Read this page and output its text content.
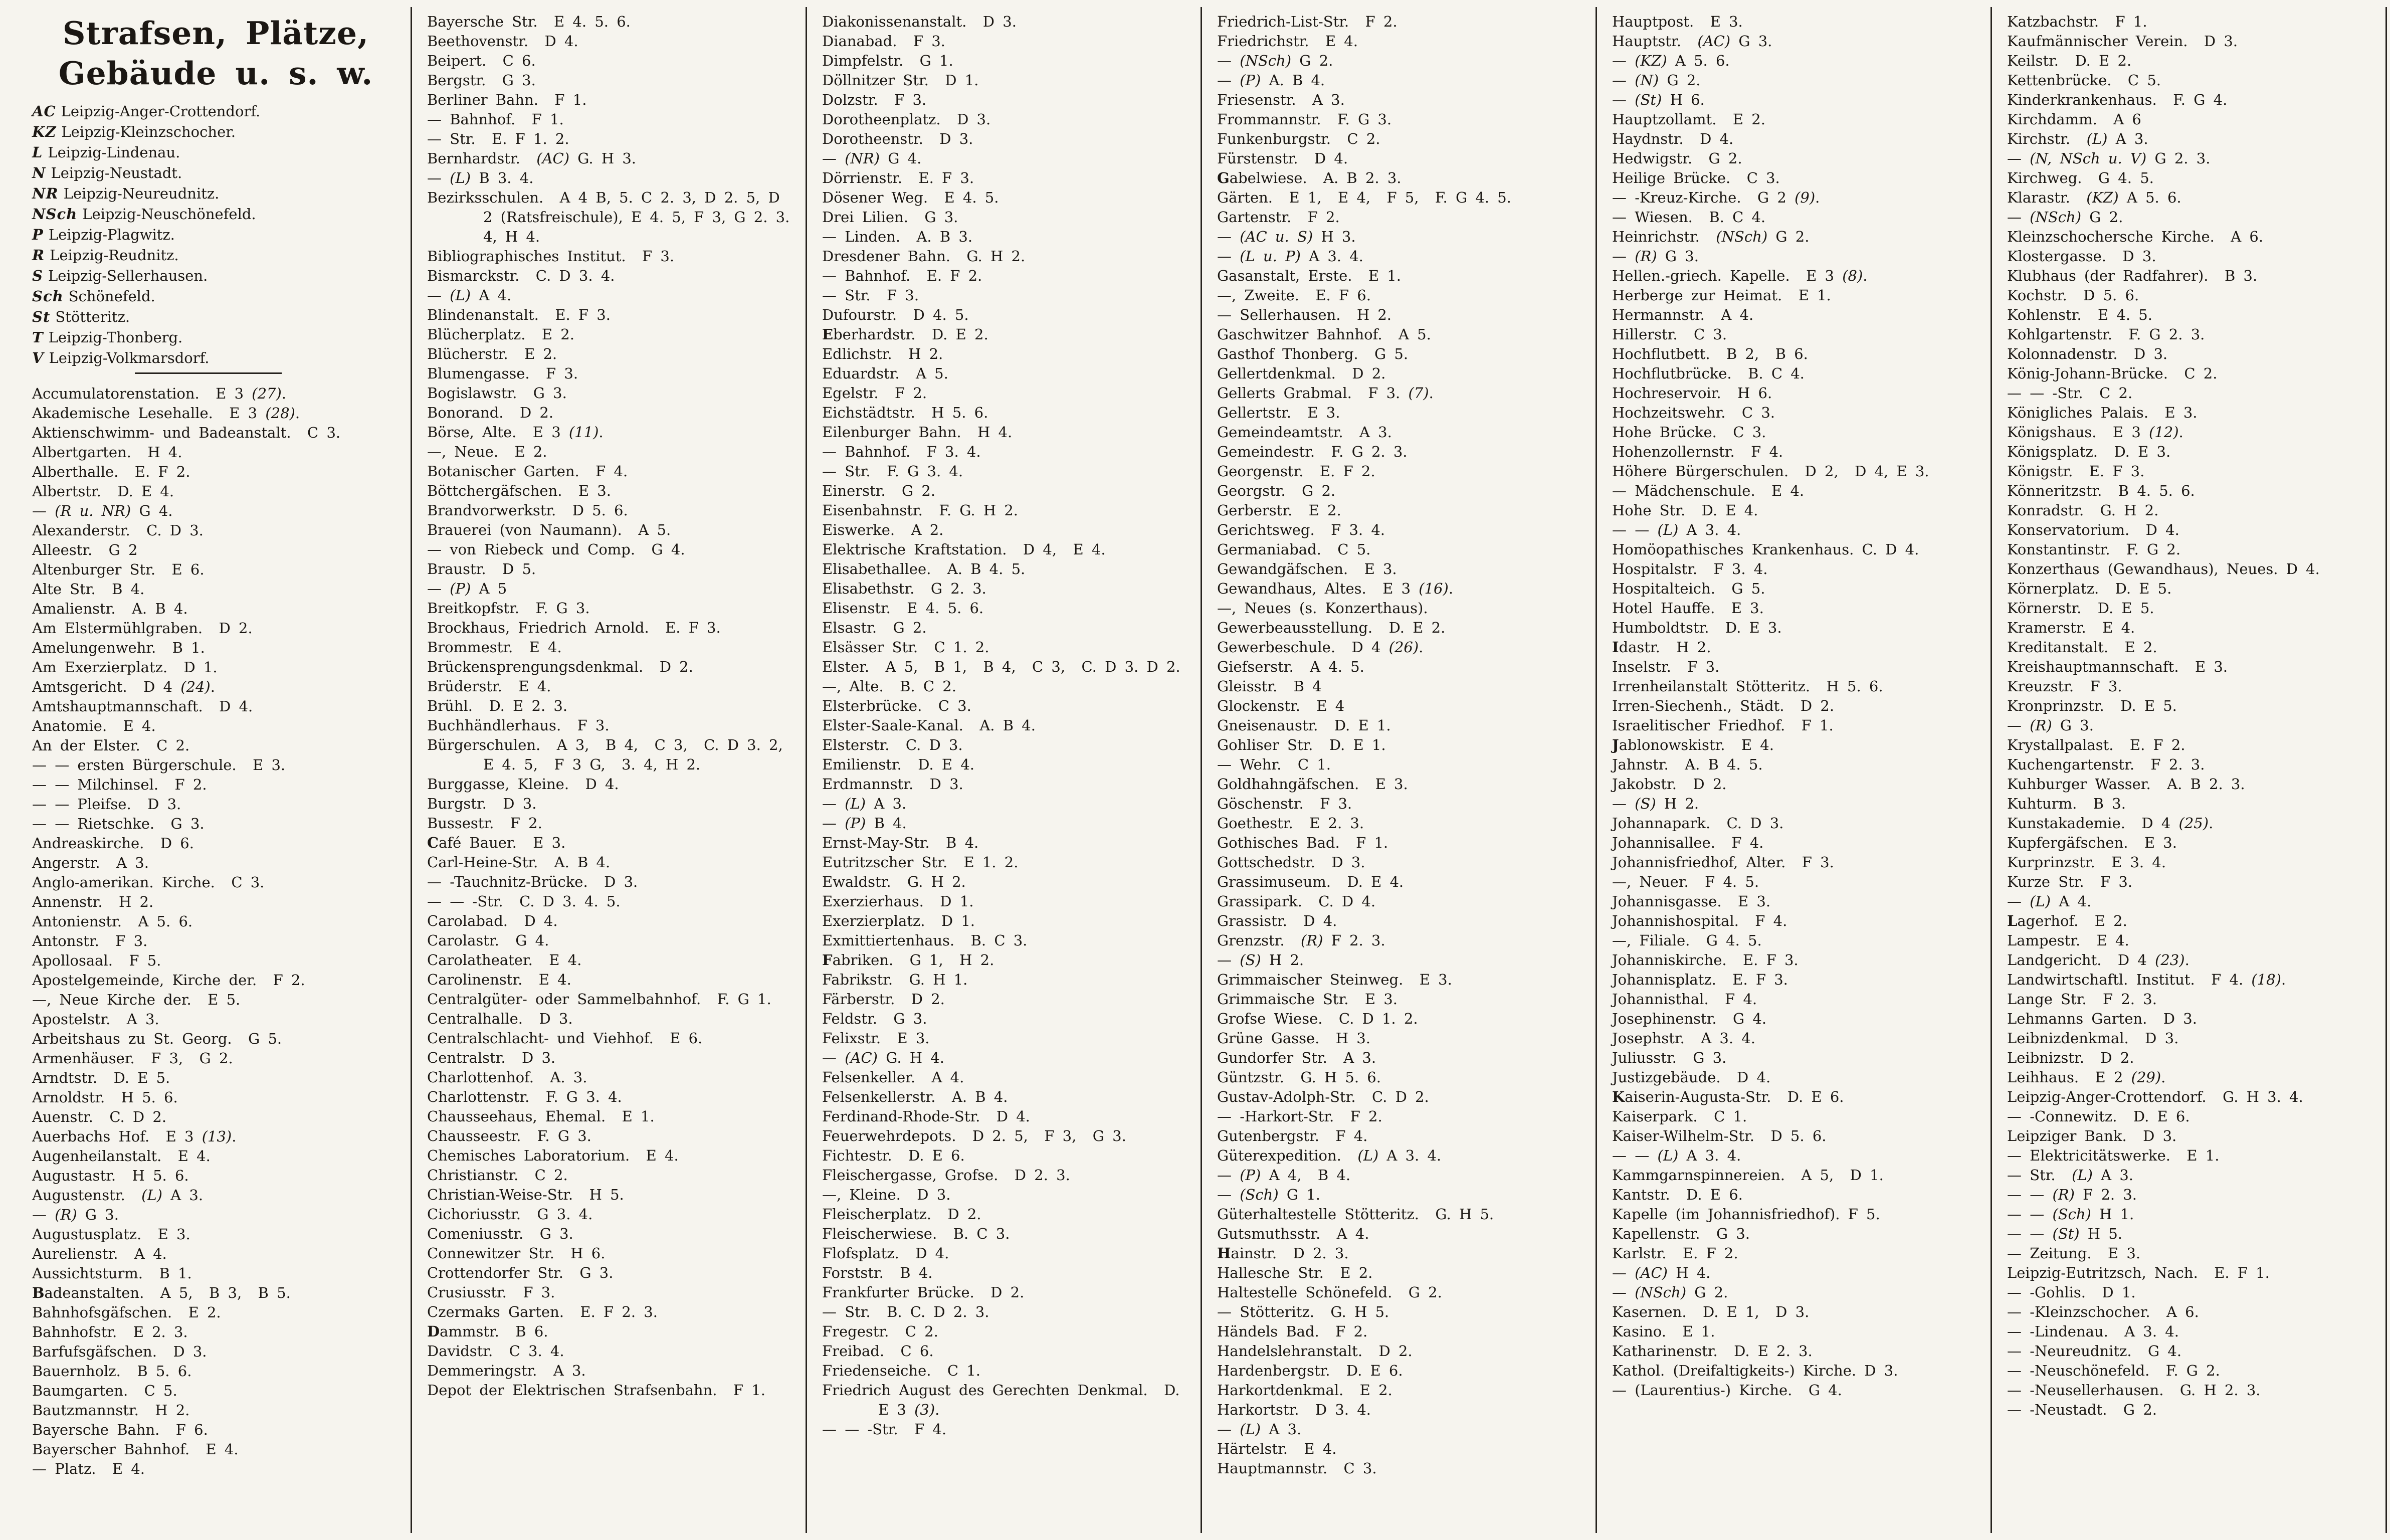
Strafsen, Plätze,
Gebäude u. s. w.
AC Leipzig-Anger-Crottendorf.
KZ Leipzig-Kleinzschocher.
L Leipzig-Lindenau.
N Leipzig-Neustadt.
NR Leipzig-Neureudnitz.
NSch Leipzig-Neuschönefeld.
P Leipzig-Plagwitz.
R Leipzig-Reudnitz.
S Leipzig-Sellerhausen.
Sch Schönefeld.
St Stötteritz.
T Leipzig-Thonberg.
V Leipzig-Volkmarsdorf.
Accumulatorenstation.  E 3 (27).
Akademische Lesehalle.  E 3 (28).
Aktienschwimm- und Badeanstalt.  C 3.
Albertgarten.  H 4.
Alberthalle.  E. F 2.
Albertstr.  D. E 4.
— (R u. NR) G 4.
Alexanderstr.  C. D 3.
Alleestr.  G 2
Altenburger Str.  E 6.
Alte Str.  B 4.
Amalienstr.  A. B 4.
Am Elstermühlgraben.  D 2.
Amelungenwehr.  B 1.
Am Exerzierplatz.  D 1.
Amtsgericht.  D 4 (24).
Amtshauptmannschaft.  D 4.
Anatomie.  E 4.
An der Elster.  C 2.
— — ersten Bürgerschule.  E 3.
— — Milchinsel.  F 2.
— — Pleifse.  D 3.
— — Rietschke.  G 3.
Andreaskirche.  D 6.
Angerstr.  A 3.
Anglo-amerikan. Kirche.  C 3.
Annenstr.  H 2.
Antonienstr.  A 5. 6.
Antonstr.  F 3.
Apollosaal.  F 5.
Apostelgemeinde, Kirche der.  F 2.
—, Neue Kirche der.  E 5.
Apostelstr.  A 3.
Arbeitshaus zu St. Georg.  G 5.
Armenhäuser.  F 3,  G 2.
Arndtstr.  D. E 5.
Arnoldstr.  H 5. 6.
Auenstr.  C. D 2.
Auerbachs Hof.  E 3 (13).
Augenheilanstalt.  E 4.
Augustastr.  H 5. 6.
Augustenstr.  (L) A 3.
— (R) G 3.
Augustusplatz.  E 3.
Aurelienstr.  A 4.
Aussichtsturm.  B 1.
Badeanstalten.  A 5,  B 3,  B 5.
Bahnhofsgäfschen.  E 2.
Bahnhofstr.  E 2. 3.
Barfufsgäfschen.  D 3.
Bauernholz.  B 5. 6.
Baumgarten.  C 5.
Bautzmannstr.  H 2.
Bayersche Bahn.  F 6.
Bayerscher Bahnhof.  E 4.
— Platz.  E 4.
Bayersche Str.  E 4. 5. 6.
Beethovenstr.  D 4.
Beipert.  C 6.
Bergstr.  G 3.
Berliner Bahn.  F 1.
— Bahnhof.  F 1.
— Str.  E. F 1. 2.
Bernhardstr.  (AC) G. H 3.
— (L) B 3. 4.
Bezirksschulen.  A 4 B, 5. C 2. 3, D 2. 5, D 2 (Ratsfreischule), E 4. 5, F 3, G 2. 3. 4, H 4.
Bibliographisches Institut.  F 3.
Bismarckstr.  C. D 3. 4.
— (L) A 4.
Blindenanstalt.  E. F 3.
Blücherplatz.  E 2.
Blücherstr.  E 2.
Blumengasse.  F 3.
Bogislawstr.  G 3.
Bonorand.  D 2.
Börse, Alte.  E 3 (11).
—, Neue.  E 2.
Botanischer Garten.  F 4.
Böttchergäfschen.  E 3.
Brandvorwerkstr.  D 5. 6.
Brauerei (von Naumann).  A 5.
— von Riebeck und Comp.  G 4.
Braustr.  D 5.
— (P) A 5
Breitkopfstr.  F. G 3.
Brockhaus, Friedrich Arnold.  E. F 3.
Brommestr.  E 4.
Brückensprengungsdenkmal.  D 2.
Brüderstr.  E 4.
Brühl.  D. E 2. 3.
Buchhändlerhaus.  F 3.
Bürgerschulen.  A 3,  B 4,  C 3,  C. D 3. 2,  E 4. 5,  F 3 G,  3. 4, H 2.
Burggasse, Kleine.  D 4.
Burgstr.  D 3.
Bussestr.  F 2.
Café Bauer.  E 3.
Carl-Heine-Str.  A. B 4.
— -Tauchnitz-Brücke.  D 3.
— — -Str.  C. D 3. 4. 5.
Carolabad.  D 4.
Carolastr.  G 4.
Carolatheater.  E 4.
Carolinenstr.  E 4.
Centralgüter- oder Sammelbahnhof.  F. G 1.
Centralhalle.  D 3.
Centralschlacht- und Viehhof.  E 6.
Centralstr.  D 3.
Charlottenhof.  A. 3.
Charlottenstr.  F. G 3. 4.
Chausseehaus, Ehemal.  E 1.
Chausseestr.  F. G 3.
Chemisches Laboratorium.  E 4.
Christianstr.  C 2.
Christian-Weise-Str.  H 5.
Cichoriusstr.  G 3. 4.
Comeniusstr.  G 3.
Connewitzer Str.  H 6.
Crottendorfer Str.  G 3.
Crusiusstr.  F 3.
Czermaks Garten.  E. F 2. 3.
Dammstr.  B 6.
Davidstr.  C 3. 4.
Demmeringstr.  A 3.
Depot der Elektrischen Strafsenbahn.  F 1.
Diakonissenanstalt.  D 3.
Dianabad.  F 3.
Dimpfelstr.  G 1.
Döllnitzer Str.  D 1.
Dolzstr.  F 3.
Dorotheenplatz.  D 3.
Dorotheenstr.  D 3.
— (NR) G 4.
Dörrienstr.  E. F 3.
Dösener Weg.  E 4. 5.
Drei Lilien.  G 3.
— Linden.  A. B 3.
Dresdener Bahn.  G. H 2.
— Bahnhof.  E. F 2.
— Str.  F 3.
Dufourstr.  D 4. 5.
Eberhardstr.  D. E 2.
Edlichstr.  H 2.
Eduardstr.  A 5.
Egelstr.  F 2.
Eichstädtstr.  H 5. 6.
Eilenburger Bahn.  H 4.
— Bahnhof.  F 3. 4.
— Str.  F. G 3. 4.
Einerstr.  G 2.
Eisenbahnstr.  F. G. H 2.
Eiswerke.  A 2.
Elektrische Kraftstation.  D 4,  E 4.
Elisabethallee.  A. B 4. 5.
Elisabethstr.  G 2. 3.
Elisenstr.  E 4. 5. 6.
Elsastr.  G 2.
Elsässer Str.  C 1. 2.
Elster.  A 5,  B 1,  B 4,  C 3,  C. D 3. D 2.
—, Alte.  B. C 2.
Elsterbrücke.  C 3.
Elster-Saale-Kanal.  A. B 4.
Elsterstr.  C. D 3.
Emilienstr.  D. E 4.
Erdmannstr.  D 3.
— (L) A 3.
— (P) B 4.
Ernst-May-Str.  B 4.
Eutritzscher Str.  E 1. 2.
Ewaldstr.  G. H 2.
Exerzierhaus.  D 1.
Exerzierplatz.  D 1.
Exmittiertenhaus.  B. C 3.
Fabriken.  G 1,  H 2.
Fabrikstr.  G. H 1.
Färberstr.  D 2.
Feldstr.  G 3.
Felixstr.  E 3.
— (AC) G. H 4.
Felsenkeller.  A 4.
Felsenkellerstr.  A. B 4.
Ferdinand-Rhode-Str.  D 4.
Feuerwehrdepots.  D 2. 5,  F 3,  G 3.
Fichtestr.  D. E 6.
Fleischergasse, Grofse.  D 2. 3.
—, Kleine.  D 3.
Fleischerplatz.  D 2.
Fleischerwiese.  B. C 3.
Flofsplatz.  D 4.
Forststr.  B 4.
Frankfurter Brücke.  D 2.
— Str.  B. C. D 2. 3.
Fregestr.  C 2.
Freibad.  C 6.
Friedenseiche.  C 1.
Friedrich August des Gerechten Denkmal.  D. E 3 (3).
— — -Str.  F 4.
Friedrich-List-Str.  F 2.
Friedrichstr.  E 4.
— (NSch) G 2.
— (P) A. B 4.
Friesenstr.  A 3.
Frommannstr.  F. G 3.
Funkenburgstr.  C 2.
Fürstenstr.  D 4.
Gabelwiese.  A. B 2. 3.
Gärten.  E 1,  E 4,  F 5,  F. G 4. 5.
Gartenstr.  F 2.
— (AC u. S) H 3.
— (L u. P) A 3. 4.
Gasanstalt, Erste.  E 1.
—, Zweite.  E. F 6.
— Sellerhausen.  H 2.
Gaschwitzer Bahnhof.  A 5.
Gasthof Thonberg.  G 5.
Gellertdenkmal.  D 2.
Gellerts Grabmal.  F 3. (7).
Gellertstr.  E 3.
Gemeindeamtstr.  A 3.
Gemeindestr.  F. G 2. 3.
Georgenstr.  E. F 2.
Georgstr.  G 2.
Gerberstr.  E 2.
Gerichtsweg.  F 3. 4.
Germaniabad.  C 5.
Gewandgäfschen.  E 3.
Gewandhaus, Altes.  E 3 (16).
—, Neues (s. Konzerthaus).
Gewerbeausstellung.  D. E 2.
Gewerbeschule.  D 4 (26).
Giefserstr.  A 4. 5.
Gleisstr.  B 4
Glockenstr.  E 4
Gneisenaustr.  D. E 1.
Gohliser Str.  D. E 1.
— Wehr.  C 1.
Goldhahngäfschen.  E 3.
Göschenstr.  F 3.
Goethestr.  E 2. 3.
Gothisches Bad.  F 1.
Gottschedstr.  D 3.
Grassimuseum.  D. E 4.
Grassipark.  C. D 4.
Grassistr.  D 4.
Grenzstr.  (R) F 2. 3.
— (S) H 2.
Grimmaischer Steinweg.  E 3.
Grimmaische Str.  E 3.
Grofse Wiese.  C. D 1. 2.
Grüne Gasse.  H 3.
Gundorfer Str.  A 3.
Güntzstr.  G. H 5. 6.
Gustav-Adolph-Str.  C. D 2.
— -Harkort-Str.  F 2.
Gutenbergstr.  F 4.
Güterexpedition.  (L) A 3. 4.
— (P) A 4,  B 4.
— (Sch) G 1.
Güterhaltestelle Stötteritz.  G. H 5.
Gutsmuthsstr.  A 4.
Hainstr.  D 2. 3.
Hallesche Str.  E 2.
Haltestelle Schönefeld.  G 2.
— Stötteritz.  G. H 5.
Händels Bad.  F 2.
Handelslehranstalt.  D 2.
Hardenbergstr.  D. E 6.
Harkortdenkmal.  E 2.
Harkortstr.  D 3. 4.
— (L) A 3.
Härtelstr.  E 4.
Hauptmannstr.  C 3.
Hauptpost.  E 3.
Hauptstr.  (AC) G 3.
— (KZ) A 5. 6.
— (N) G 2.
— (St) H 6.
Hauptzollamt.  E 2.
Haydnstr.  D 4.
Hedwigstr.  G 2.
Heilige Brücke.  C 3.
— -Kreuz-Kirche.  G 2 (9).
— Wiesen.  B. C 4.
Heinrichstr.  (NSch) G 2.
— (R) G 3.
Hellen.-griech. Kapelle.  E 3 (8).
Herberge zur Heimat.  E 1.
Hermannstr.  A 4.
Hillerstr.  C 3.
Hochflutbett.  B 2,  B 6.
Hochflutbrücke.  B. C 4.
Hochreservoir.  H 6.
Hochzeitswehr.  C 3.
Hohe Brücke.  C 3.
Hohenzollernstr.  F 4.
Höhere Bürgerschulen.  D 2,  D 4, E 3.
— Mädchenschule.  E 4.
Hohe Str.  D. E 4.
— — (L) A 3. 4.
Homöopathisches Krankenhaus. C. D 4.
Hospitalstr.  F 3. 4.
Hospitalteich.  G 5.
Hotel Hauffe.  E 3.
Humboldtstr.  D. E 3.
Idastr.  H 2.
Inselstr.  F 3.
Irrenheilanstalt Stötteritz.  H 5. 6.
Irren-Siechenh., Städt.  D 2.
Israelitischer Friedhof.  F 1.
Jablonowskistr.  E 4.
Jahnstr.  A. B 4. 5.
Jakobstr.  D 2.
— (S) H 2.
Johannapark.  C. D 3.
Johannisallee.  F 4.
Johannisfriedhof, Alter.  F 3.
—, Neuer.  F 4. 5.
Johannisgasse.  E 3.
Johannishospital.  F 4.
—, Filiale.  G 4. 5.
Johanniskirche.  E. F 3.
Johannisplatz.  E. F 3.
Johannisthal.  F 4.
Josephinenstr.  G 4.
Josephstr.  A 3. 4.
Juliusstr.  G 3.
Justizgebäude.  D 4.
Kaiserin-Augusta-Str.  D. E 6.
Kaiserpark.  C 1.
Kaiser-Wilhelm-Str.  D 5. 6.
— — (L) A 3. 4.
Kammgarnspinnereien.  A 5,  D 1.
Kantstr.  D. E 6.
Kapelle (im Johannisfriedhof). F 5.
Kapellenstr.  G 3.
Karlstr.  E. F 2.
— (AC) H 4.
— (NSch) G 2.
Kasernen.  D. E 1,  D 3.
Kasino.  E 1.
Katharinenstr.  D. E 2. 3.
Kathol. (Dreifaltigkeits-) Kirche. D 3.
— (Laurentius-) Kirche.  G 4.
Katzbachstr.  F 1.
Kaufmännischer Verein.  D 3.
Keilstr.  D. E 2.
Kettenbrücke.  C 5.
Kinderkrankenhaus.  F. G 4.
Kirchdamm.  A 6
Kirchstr.  (L) A 3.
— (N, NSch u. V) G 2. 3.
Kirchweg.  G 4. 5.
Klarastr.  (KZ) A 5. 6.
— (NSch) G 2.
Kleinzschochersche Kirche.  A 6.
Klostergasse.  D 3.
Klubhaus (der Radfahrer).  B 3.
Kochstr.  D 5. 6.
Kohlenstr.  E 4. 5.
Kohlgartenstr.  F. G 2. 3.
Kolonnadenstr.  D 3.
König-Johann-Brücke.  C 2.
— — -Str.  C 2.
Königliches Palais.  E 3.
Königshaus.  E 3 (12).
Königsplatz.  D. E 3.
Königstr.  E. F 3.
Könneritzstr.  B 4. 5. 6.
Konradstr.  G. H 2.
Konservatorium.  D 4.
Konstantinstr.  F. G 2.
Konzerthaus (Gewandhaus), Neues. D 4.
Körnerplatz.  D. E 5.
Körnerstr.  D. E 5.
Kramerstr.  E 4.
Kreditanstalt.  E 2.
Kreishauptmannschaft.  E 3.
Kreuzstr.  F 3.
Kronprinzstr.  D. E 5.
— (R) G 3.
Krystallpalast.  E. F 2.
Kuchengartenstr.  F 2. 3.
Kuhburger Wasser.  A. B 2. 3.
Kuhturm.  B 3.
Kunstakademie.  D 4 (25).
Kupfergäfschen.  E 3.
Kurprinzstr.  E 3. 4.
Kurze Str.  F 3.
— (L) A 4.
Lagerhof.  E 2.
Lampestr.  E 4.
Landgericht.  D 4 (23).
Landwirtschaftl. Institut.  F 4. (18).
Lange Str.  F 2. 3.
Lehmanns Garten.  D 3.
Leibnizdenkmal.  D 3.
Leibnizstr.  D 2.
Leihhaus.  E 2 (29).
Leipzig-Anger-Crottendorf.  G. H 3. 4.
— -Connewitz.  D. E 6.
Leipziger Bank.  D 3.
— Elektricitätswerke.  E 1.
— Str.  (L) A 3.
— — (R) F 2. 3.
— — (Sch) H 1.
— — (St) H 5.
— Zeitung.  E 3.
Leipzig-Eutritzsch, Nach.  E. F 1.
— -Gohlis.  D 1.
— -Kleinzschocher.  A 6.
— -Lindenau.  A 3. 4.
— -Neureudnitz.  G 4.
— -Neuschönefeld.  F. G 2.
— -Neusellerhausen.  G. H 2. 3.
— -Neustadt.  G 2.
